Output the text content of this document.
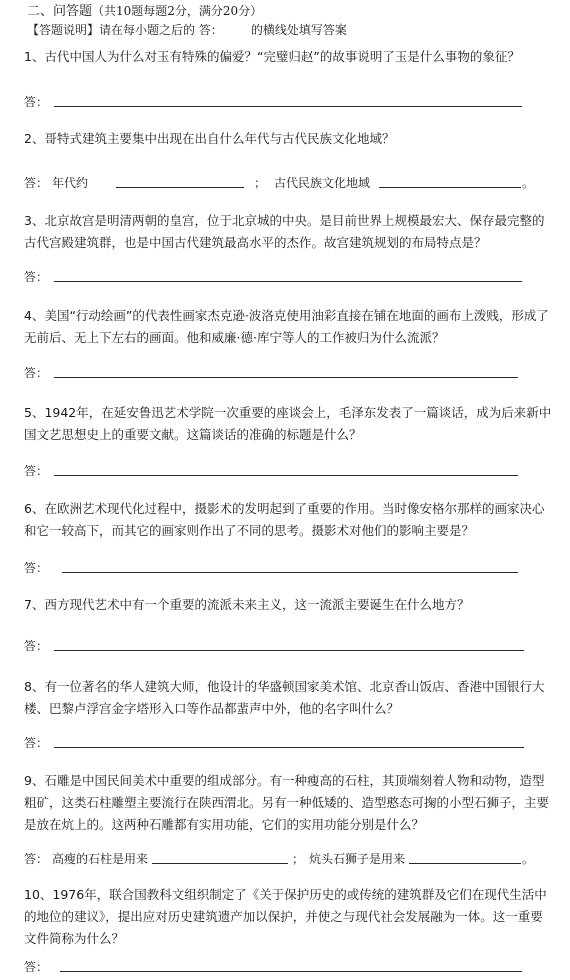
二、问答题（共10题每题2分，满分20分）
【答题说明】请在每小题之后的 答： 的横线处填写答案

1、古代中国人为什么对玉有特殊的偏爱？“完璧归赵”的故事说明了玉是什么事物的象征？

答：

2、哥特式建筑主要集中出现在出自什么年代与古代民族文化地域？

答： 年代约	； 古代民族文化地域	。

3、北京故宫是明清两朝的皇宫，位于北京城的中央。是目前世界上规模最宏大、保存最完整的古代宫殿建筑群，也是中国古代建筑最高水平的杰作。故宫建筑规划的布局特点是？

答：

4、美国“行动绘画”的代表性画家杰克逊·波洛克使用油彩直接在铺在地面的画布上泼贱，形成了无前后、无上下左右的画面。他和威廉·德·库宁等人的工作被归为什么流派？

答：

5、1942年，在延安鲁迅艺术学院一次重要的座谈会上，毛泽东发表了一篇谈话，成为后来新中国文艺思想史上的重要文献。这篇谈话的准确的标题是什么？

答：

6、在欧洲艺术现代化过程中，摄影术的发明起到了重要的作用。当时像安格尔那样的画家决心和它一较高下，而其它的画家则作出了不同的思考。摄影术对他们的影响主要是？

答：

7、西方现代艺术中有一个重要的流派未来主义，这一流派主要诞生在什么地方？

答：

8、有一位著名的华人建筑大师，他设计的华盛顿国家美术馆、北京香山饭店、香港中国银行大楼、巴黎卢浮宫金字塔形入口等作品都蜚声中外，他的名字叫什么？

答：

9、石雕是中国民间美术中重要的组成部分。有一种瘦高的石柱，其顶端刻着人物和动物，造型粗矿，这类石柱雕塑主要流行在陕西渭北。另有一种低矮的、造型憨态可掬的小型石狮子，主要是放在炕上的。这两种石雕都有实用功能，它们的实用功能分别是什么？

答： 高瘦的石柱是用来	； 炕头石狮子是用来	。

10、1976年，联合国教科文组织制定了《关于保护历史的或传统的建筑群及它们在现代生活中的地位的建议》，提出应对历史建筑遗产加以保护，并使之与现代社会发展融为一体。这一重要文件简称为什么？

答：
